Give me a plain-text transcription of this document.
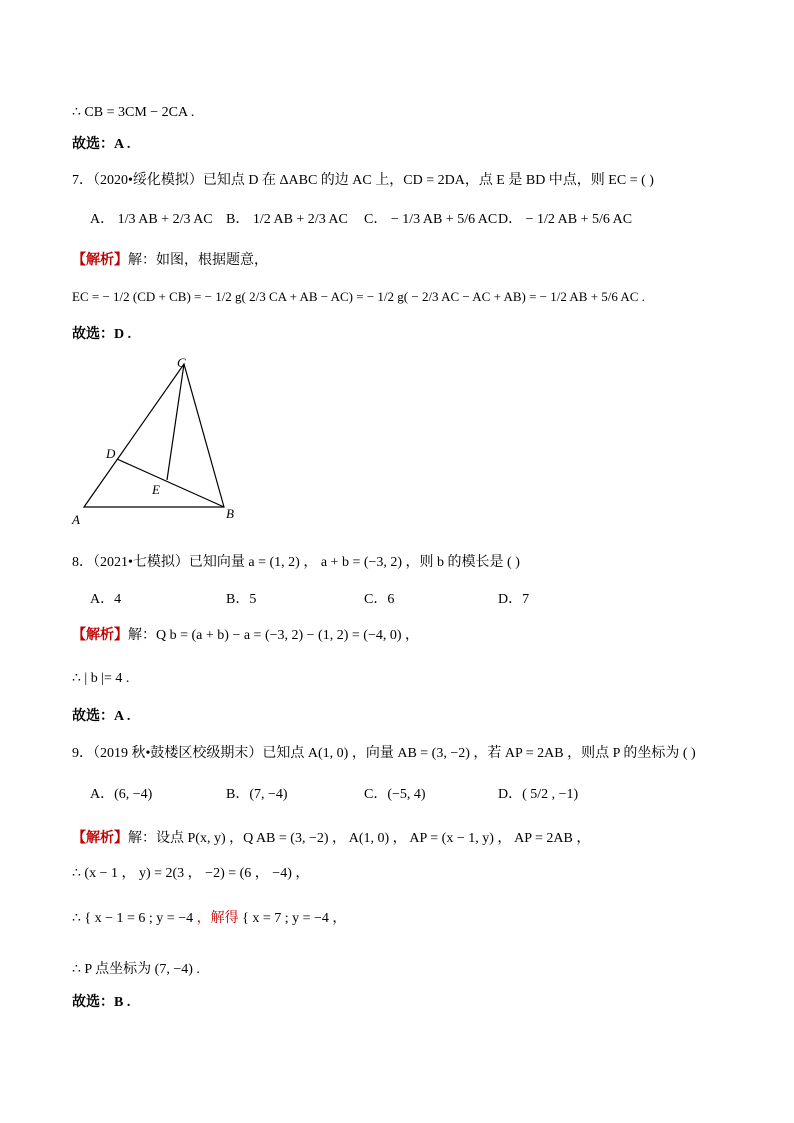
∴ CB = 3CM − 2CA .
故选：A .
7．（2020•绥化模拟）已知点 D 在 ΔABC 的边 AC 上，CD = 2DA，点 E 是 BD 中点，则 EC = ( )
A． 1/3 AB + 2/3 AC B． 1/2 AB + 2/3 AC C． − 1/3 AB + 5/6 AC D． − 1/2 AB + 5/6 AC
【解析】解：如图，根据题意，
EC = − 1/2 (CD + CB) = − 1/2 g( 2/3 CA + AB − AC) = − 1/2 g( − 2/3 AC − AC + AB) = − 1/2 AB + 5/6 AC .
故选：D .
C
D
E
A	B
8．（2021•七模拟）已知向量 a = (1, 2) ， a + b = (−3, 2) ，则 b 的模长是 ( )
A．4	B．5	C．6	D．7
【解析】解：Q b = (a + b) − a = (−3, 2) − (1, 2) = (−4, 0) ，
∴ | b |= 4 .
故选：A .
9．（2019 秋•鼓楼区校级期末）已知点 A(1, 0) ，向量 AB = (3, −2) ，若 AP = 2AB ，则点 P 的坐标为 ( )
A．(6, −4)	B．(7, −4)	C．(−5, 4)	D．( 5/2 , −1)
【解析】解：设点 P(x, y) ，Q AB = (3, −2) ， A(1, 0) ， AP = (x − 1, y) ， AP = 2AB ，
∴ (x − 1 ， y) = 2(3 ， −2) = (6 ， −4) ，
∴ { x − 1 = 6 ; y = −4 ，解得 { x = 7 ; y = −4 ，
∴ P 点坐标为 (7, −4) .
故选：B .
